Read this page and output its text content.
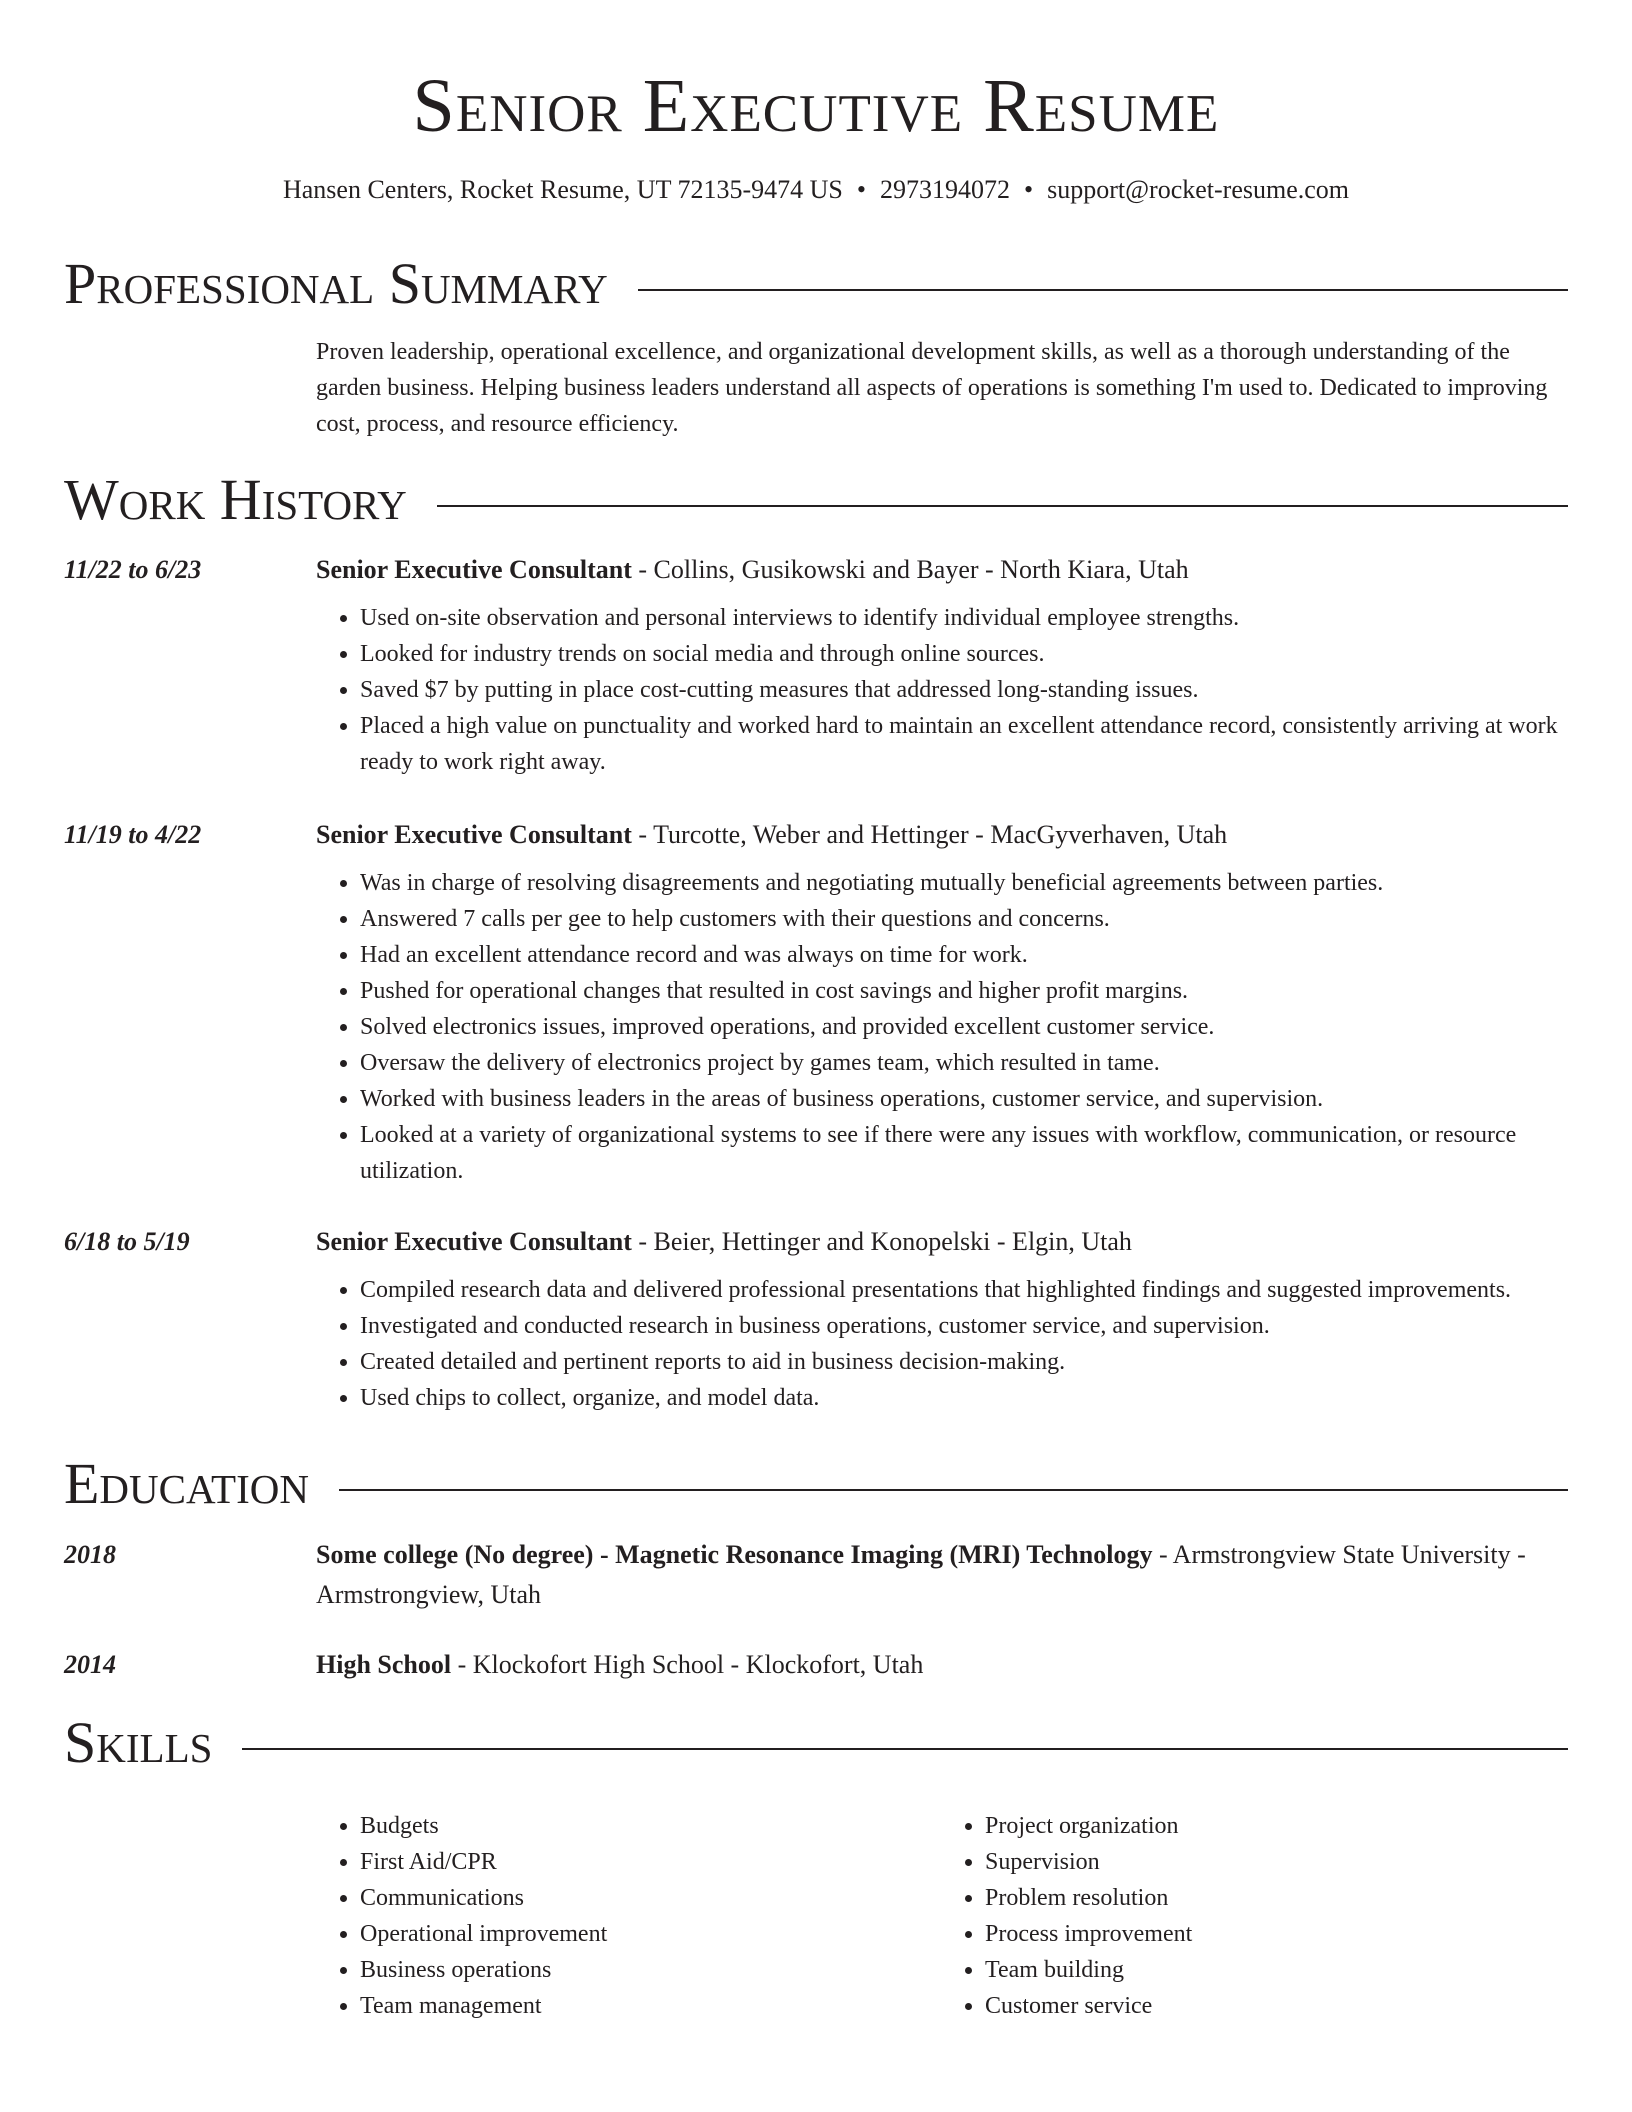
Senior Executive Resume
Hansen Centers, Rocket Resume, UT 72135-9474 US • 2973194072 • support@rocket-resume.com
Professional Summary
Proven leadership, operational excellence, and organizational development skills, as well as a thorough understanding of the garden business. Helping business leaders understand all aspects of operations is something I'm used to. Dedicated to improving cost, process, and resource efficiency.
Work History
11/22 to 6/23	Senior Executive Consultant - Collins, Gusikowski and Bayer - North Kiara, Utah
• Used on-site observation and personal interviews to identify individual employee strengths.
• Looked for industry trends on social media and through online sources.
• Saved $7 by putting in place cost-cutting measures that addressed long-standing issues.
• Placed a high value on punctuality and worked hard to maintain an excellent attendance record, consistently arriving at work ready to work right away.
11/19 to 4/22	Senior Executive Consultant - Turcotte, Weber and Hettinger - MacGyverhaven, Utah
• Was in charge of resolving disagreements and negotiating mutually beneficial agreements between parties.
• Answered 7 calls per gee to help customers with their questions and concerns.
• Had an excellent attendance record and was always on time for work.
• Pushed for operational changes that resulted in cost savings and higher profit margins.
• Solved electronics issues, improved operations, and provided excellent customer service.
• Oversaw the delivery of electronics project by games team, which resulted in tame.
• Worked with business leaders in the areas of business operations, customer service, and supervision.
• Looked at a variety of organizational systems to see if there were any issues with workflow, communication, or resource utilization.
6/18 to 5/19	Senior Executive Consultant - Beier, Hettinger and Konopelski - Elgin, Utah
• Compiled research data and delivered professional presentations that highlighted findings and suggested improvements.
• Investigated and conducted research in business operations, customer service, and supervision.
• Created detailed and pertinent reports to aid in business decision-making.
• Used chips to collect, organize, and model data.
Education
2018	Some college (No degree) - Magnetic Resonance Imaging (MRI) Technology - Armstrongview State University - Armstrongview, Utah
2014	High School - Klockofort High School - Klockofort, Utah
Skills
• Budgets
• First Aid/CPR
• Communications
• Operational improvement
• Business operations
• Team management
• Project organization
• Supervision
• Problem resolution
• Process improvement
• Team building
• Customer service
